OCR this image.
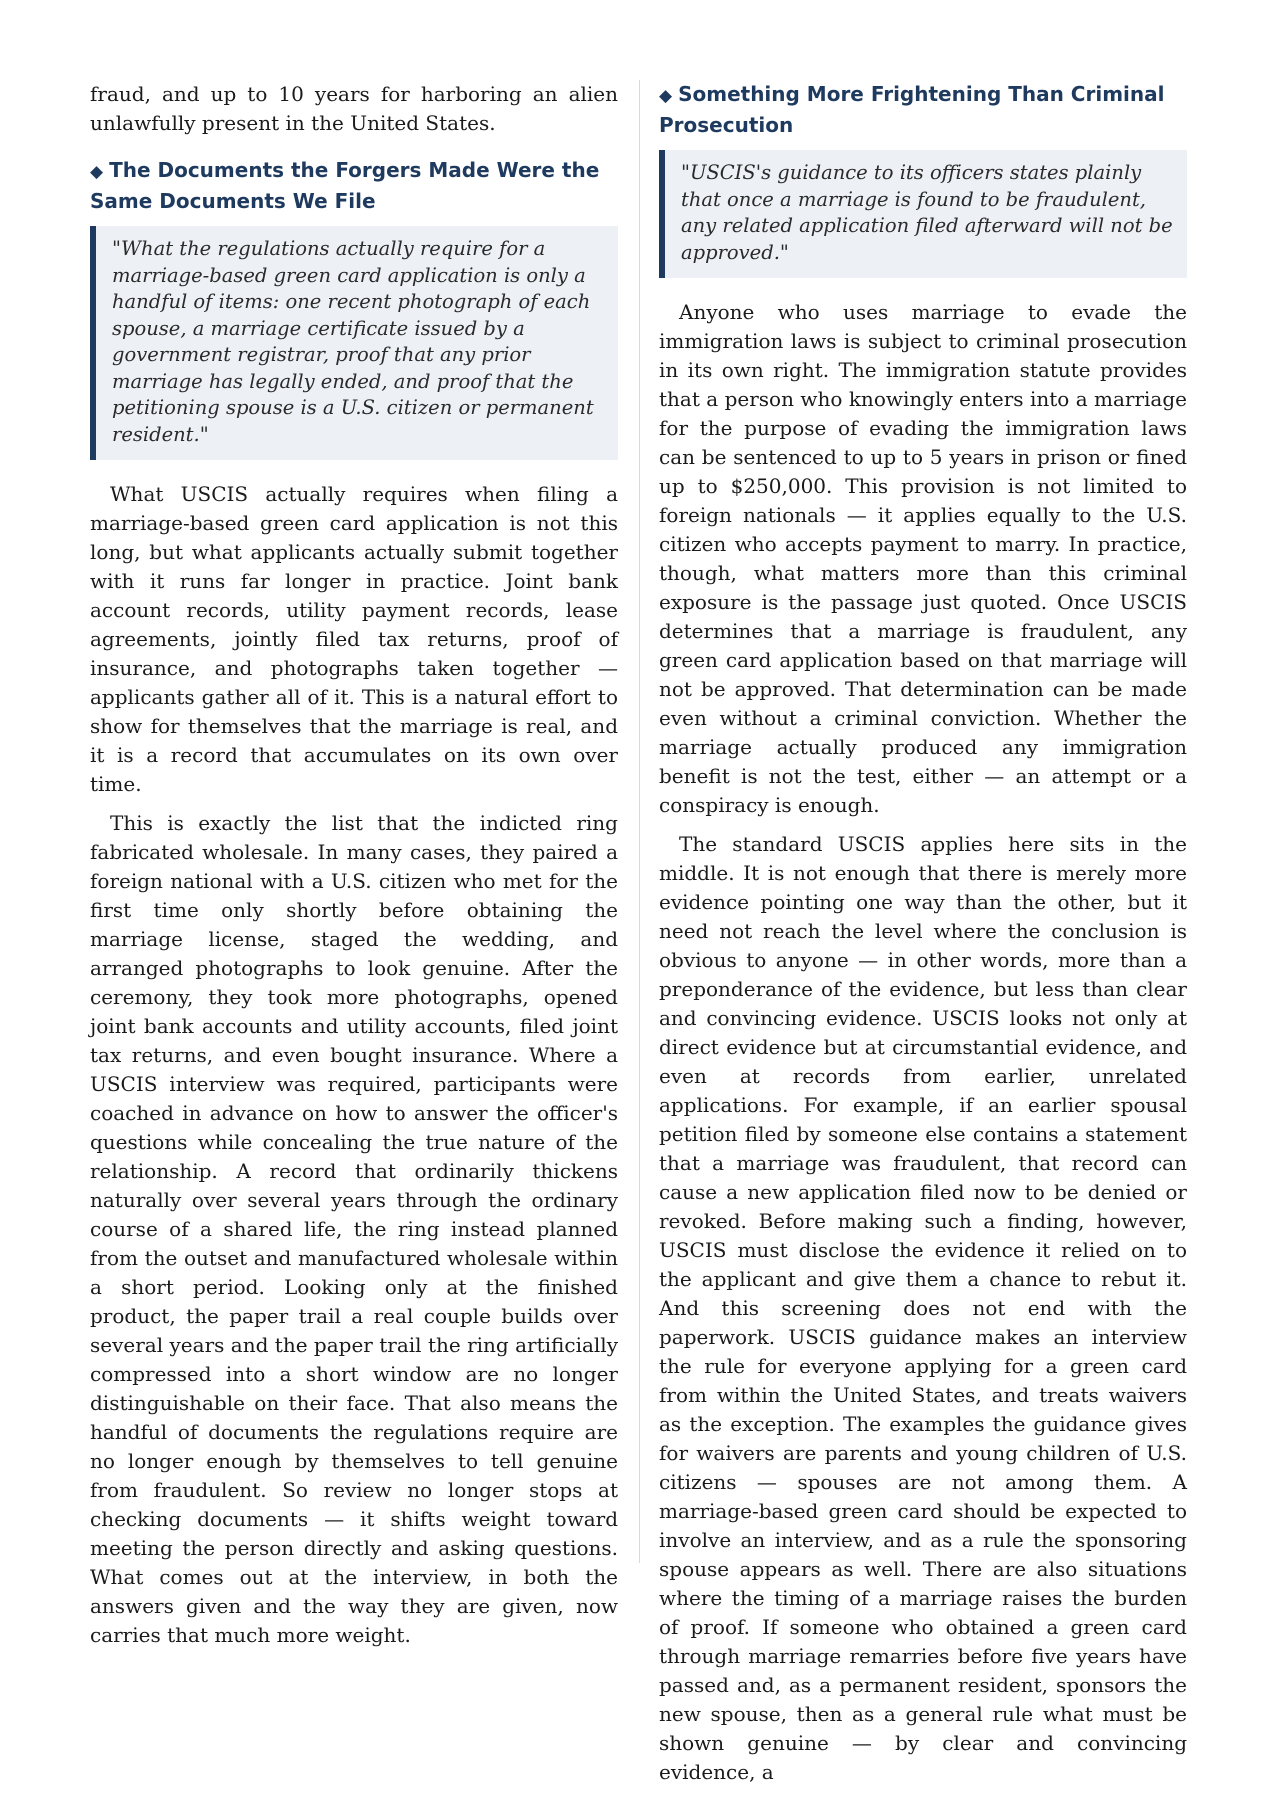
fraud, and up to 10 years for harboring an alien unlawfully present in the United States.

◆ The Documents the Forgers Made Were the Same Documents We File
"What the regulations actually require for a marriage-based green card application is only a handful of items: one recent photograph of each spouse, a marriage certificate issued by a government registrar, proof that any prior marriage has legally ended, and proof that the petitioning spouse is a U.S. citizen or permanent resident."

What USCIS actually requires when filing a marriage-based green card application is not this long, but what applicants actually submit together with it runs far longer in practice. Joint bank account records, utility payment records, lease agreements, jointly filed tax returns, proof of insurance, and photographs taken together — applicants gather all of it. This is a natural effort to show for themselves that the marriage is real, and it is a record that accumulates on its own over time.

This is exactly the list that the indicted ring fabricated wholesale. In many cases, they paired a foreign national with a U.S. citizen who met for the first time only shortly before obtaining the marriage license, staged the wedding, and arranged photographs to look genuine. After the ceremony, they took more photographs, opened joint bank accounts and utility accounts, filed joint tax returns, and even bought insurance. Where a USCIS interview was required, participants were coached in advance on how to answer the officer's questions while concealing the true nature of the relationship. A record that ordinarily thickens naturally over several years through the ordinary course of a shared life, the ring instead planned from the outset and manufactured wholesale within a short period. Looking only at the finished product, the paper trail a real couple builds over several years and the paper trail the ring artificially compressed into a short window are no longer distinguishable on their face. That also means the handful of documents the regulations require are no longer enough by themselves to tell genuine from fraudulent. So review no longer stops at checking documents — it shifts weight toward meeting the person directly and asking questions. What comes out at the interview, in both the answers given and the way they are given, now carries that much more weight.

◆ Something More Frightening Than Criminal Prosecution
"USCIS's guidance to its officers states plainly that once a marriage is found to be fraudulent, any related application filed afterward will not be approved."

Anyone who uses marriage to evade the immigration laws is subject to criminal prosecution in its own right. The immigration statute provides that a person who knowingly enters into a marriage for the purpose of evading the immigration laws can be sentenced to up to 5 years in prison or fined up to $250,000. This provision is not limited to foreign nationals — it applies equally to the U.S. citizen who accepts payment to marry. In practice, though, what matters more than this criminal exposure is the passage just quoted. Once USCIS determines that a marriage is fraudulent, any green card application based on that marriage will not be approved. That determination can be made even without a criminal conviction. Whether the marriage actually produced any immigration benefit is not the test, either — an attempt or a conspiracy is enough.

The standard USCIS applies here sits in the middle. It is not enough that there is merely more evidence pointing one way than the other, but it need not reach the level where the conclusion is obvious to anyone — in other words, more than a preponderance of the evidence, but less than clear and convincing evidence. USCIS looks not only at direct evidence but at circumstantial evidence, and even at records from earlier, unrelated applications. For example, if an earlier spousal petition filed by someone else contains a statement that a marriage was fraudulent, that record can cause a new application filed now to be denied or revoked. Before making such a finding, however, USCIS must disclose the evidence it relied on to the applicant and give them a chance to rebut it. And this screening does not end with the paperwork. USCIS guidance makes an interview the rule for everyone applying for a green card from within the United States, and treats waivers as the exception. The examples the guidance gives for waivers are parents and young children of U.S. citizens — spouses are not among them. A marriage-based green card should be expected to involve an interview, and as a rule the sponsoring spouse appears as well. There are also situations where the timing of a marriage raises the burden of proof. If someone who obtained a green card through marriage remarries before five years have passed and, as a permanent resident, sponsors the new spouse, then as a general rule what must be shown genuine — by clear and convincing evidence, a
